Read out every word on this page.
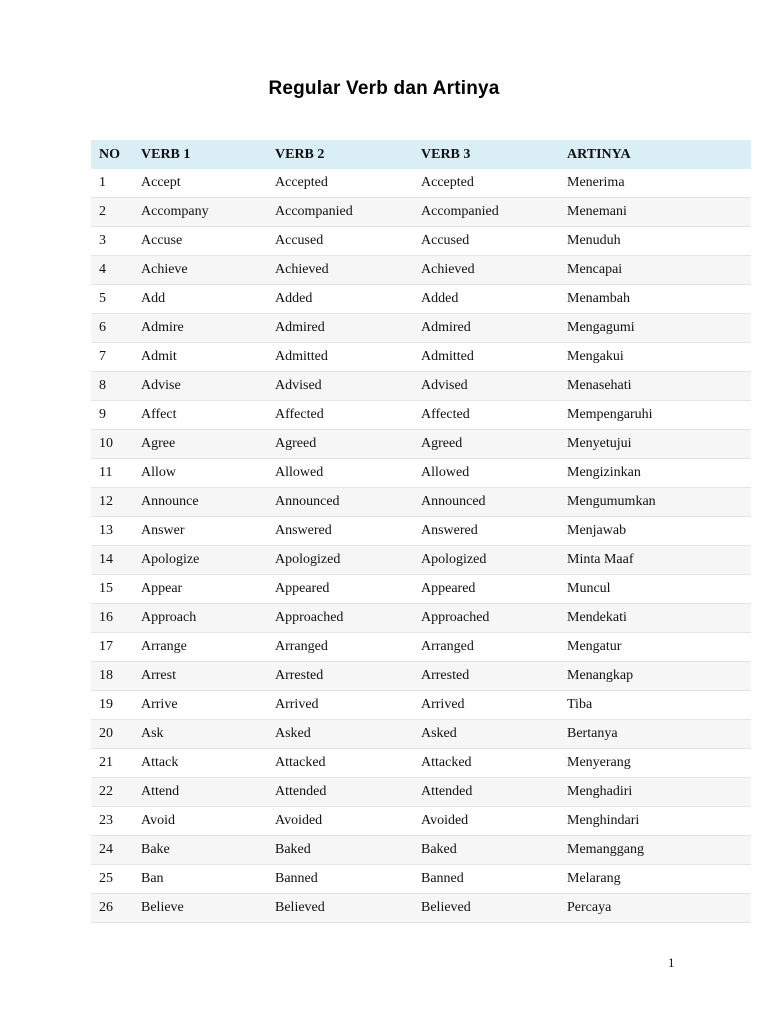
Regular Verb dan Artinya
NO	VERB 1	VERB 2	VERB 3	ARTINYA
1	Accept	Accepted	Accepted	Menerima
2	Accompany	Accompanied	Accompanied	Menemani
3	Accuse	Accused	Accused	Menuduh
4	Achieve	Achieved	Achieved	Mencapai
5	Add	Added	Added	Menambah
6	Admire	Admired	Admired	Mengagumi
7	Admit	Admitted	Admitted	Mengakui
8	Advise	Advised	Advised	Menasehati
9	Affect	Affected	Affected	Mempengaruhi
10	Agree	Agreed	Agreed	Menyetujui
11	Allow	Allowed	Allowed	Mengizinkan
12	Announce	Announced	Announced	Mengumumkan
13	Answer	Answered	Answered	Menjawab
14	Apologize	Apologized	Apologized	Minta Maaf
15	Appear	Appeared	Appeared	Muncul
16	Approach	Approached	Approached	Mendekati
17	Arrange	Arranged	Arranged	Mengatur
18	Arrest	Arrested	Arrested	Menangkap
19	Arrive	Arrived	Arrived	Tiba
20	Ask	Asked	Asked	Bertanya
21	Attack	Attacked	Attacked	Menyerang
22	Attend	Attended	Attended	Menghadiri
23	Avoid	Avoided	Avoided	Menghindari
24	Bake	Baked	Baked	Memanggang
25	Ban	Banned	Banned	Melarang
26	Believe	Believed	Believed	Percaya
1
